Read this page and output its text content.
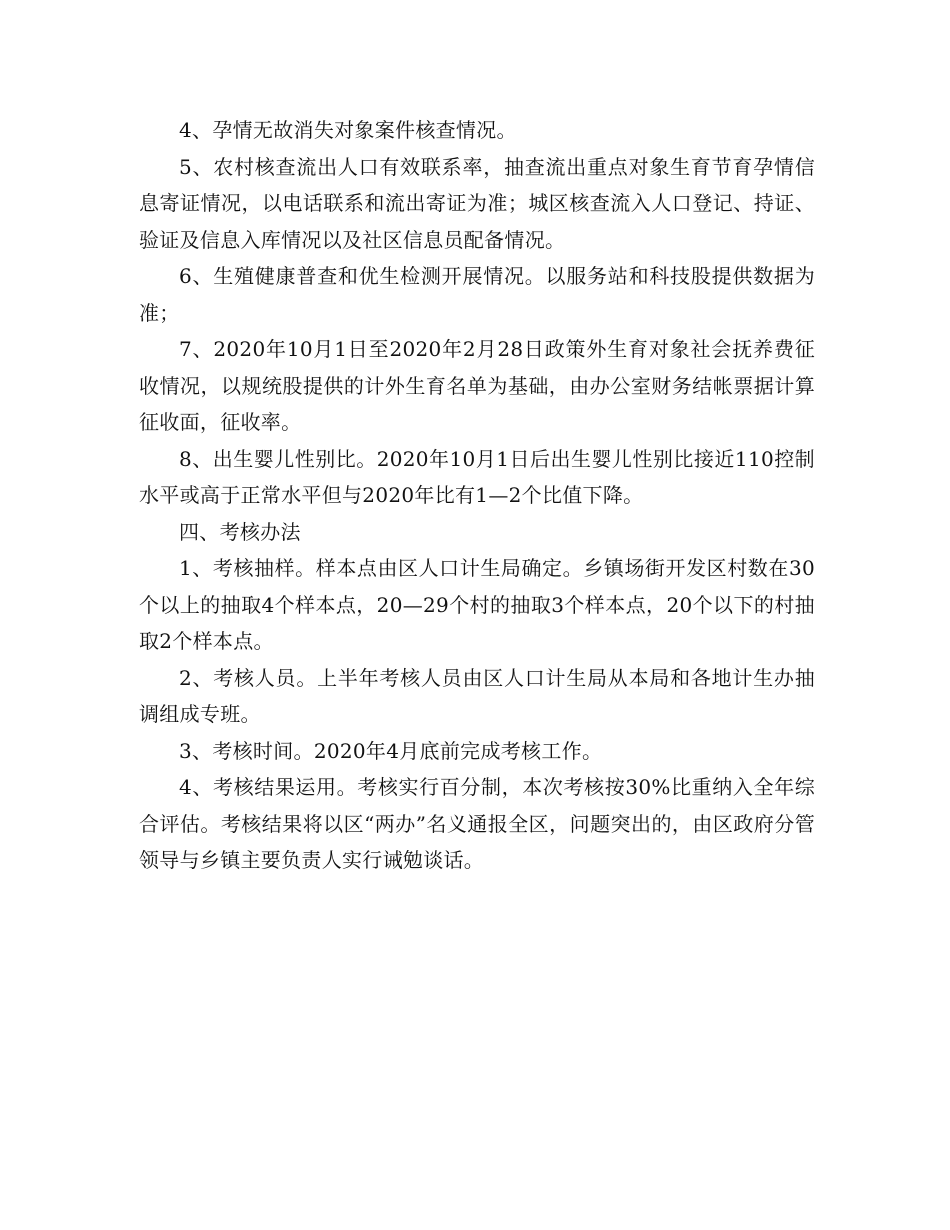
4、孕情无故消失对象案件核查情况。

5、农村核查流出人口有效联系率，抽查流出重点对象生育节育孕情信息寄证情况，以电话联系和流出寄证为准；城区核查流入人口登记、持证、验证及信息入库情况以及社区信息员配备情况。

6、生殖健康普查和优生检测开展情况。以服务站和科技股提供数据为准；

7、2020年10月1日至2020年2月28日政策外生育对象社会抚养费征收情况，以规统股提供的计外生育名单为基础，由办公室财务结帐票据计算征收面，征收率。

8、出生婴儿性别比。2020年10月1日后出生婴儿性别比接近110控制水平或高于正常水平但与2020年比有1—2个比值下降。

四、考核办法

1、考核抽样。样本点由区人口计生局确定。乡镇场街开发区村数在30个以上的抽取4个样本点，20—29个村的抽取3个样本点，20个以下的村抽取2个样本点。

2、考核人员。上半年考核人员由区人口计生局从本局和各地计生办抽调组成专班。

3、考核时间。2020年4月底前完成考核工作。

4、考核结果运用。考核实行百分制，本次考核按30%比重纳入全年综合评估。考核结果将以区“两办”名义通报全区，问题突出的，由区政府分管领导与乡镇主要负责人实行诫勉谈话。
